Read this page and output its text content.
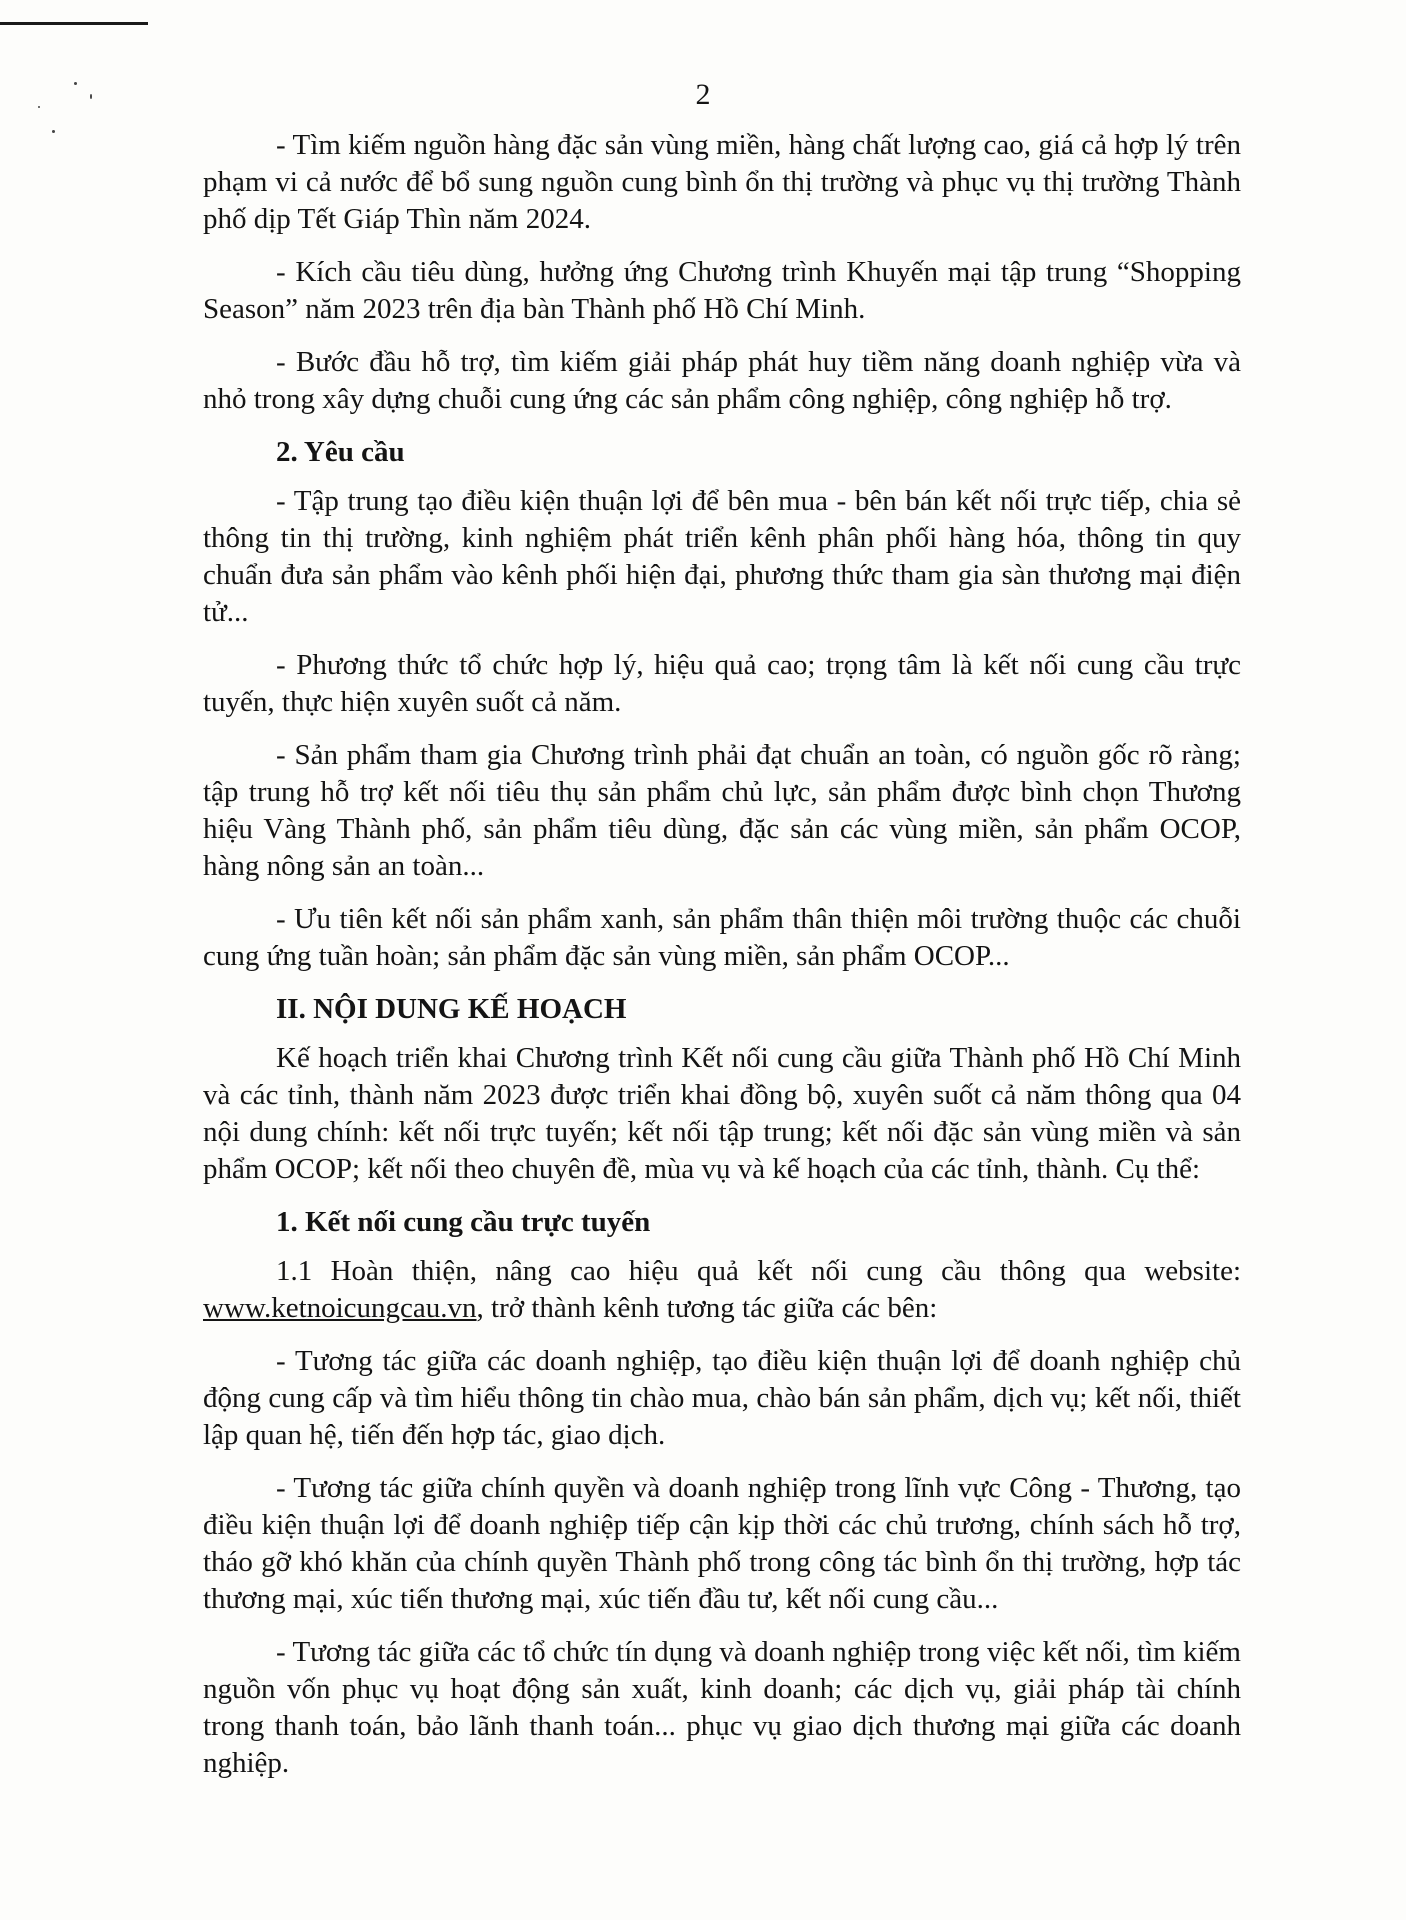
2

- Tìm kiếm nguồn hàng đặc sản vùng miền, hàng chất lượng cao, giá cả hợp lý trên phạm vi cả nước để bổ sung nguồn cung bình ổn thị trường và phục vụ thị trường Thành phố dịp Tết Giáp Thìn năm 2024.

- Kích cầu tiêu dùng, hưởng ứng Chương trình Khuyến mại tập trung “Shopping Season” năm 2023 trên địa bàn Thành phố Hồ Chí Minh.

- Bước đầu hỗ trợ, tìm kiếm giải pháp phát huy tiềm năng doanh nghiệp vừa và nhỏ trong xây dựng chuỗi cung ứng các sản phẩm công nghiệp, công nghiệp hỗ trợ.

2. Yêu cầu

- Tập trung tạo điều kiện thuận lợi để bên mua - bên bán kết nối trực tiếp, chia sẻ thông tin thị trường, kinh nghiệm phát triển kênh phân phối hàng hóa, thông tin quy chuẩn đưa sản phẩm vào kênh phối hiện đại, phương thức tham gia sàn thương mại điện tử...

- Phương thức tổ chức hợp lý, hiệu quả cao; trọng tâm là kết nối cung cầu trực tuyến, thực hiện xuyên suốt cả năm.

- Sản phẩm tham gia Chương trình phải đạt chuẩn an toàn, có nguồn gốc rõ ràng; tập trung hỗ trợ kết nối tiêu thụ sản phẩm chủ lực, sản phẩm được bình chọn Thương hiệu Vàng Thành phố, sản phẩm tiêu dùng, đặc sản các vùng miền, sản phẩm OCOP, hàng nông sản an toàn...

- Ưu tiên kết nối sản phẩm xanh, sản phẩm thân thiện môi trường thuộc các chuỗi cung ứng tuần hoàn; sản phẩm đặc sản vùng miền, sản phẩm OCOP...

II. NỘI DUNG KẾ HOẠCH

Kế hoạch triển khai Chương trình Kết nối cung cầu giữa Thành phố Hồ Chí Minh và các tỉnh, thành năm 2023 được triển khai đồng bộ, xuyên suốt cả năm thông qua 04 nội dung chính: kết nối trực tuyến; kết nối tập trung; kết nối đặc sản vùng miền và sản phẩm OCOP; kết nối theo chuyên đề, mùa vụ và kế hoạch của các tỉnh, thành. Cụ thể:

1. Kết nối cung cầu trực tuyến

1.1 Hoàn thiện, nâng cao hiệu quả kết nối cung cầu thông qua website: www.ketnoicungcau.vn, trở thành kênh tương tác giữa các bên:

- Tương tác giữa các doanh nghiệp, tạo điều kiện thuận lợi để doanh nghiệp chủ động cung cấp và tìm hiểu thông tin chào mua, chào bán sản phẩm, dịch vụ; kết nối, thiết lập quan hệ, tiến đến hợp tác, giao dịch.

- Tương tác giữa chính quyền và doanh nghiệp trong lĩnh vực Công - Thương, tạo điều kiện thuận lợi để doanh nghiệp tiếp cận kịp thời các chủ trương, chính sách hỗ trợ, tháo gỡ khó khăn của chính quyền Thành phố trong công tác bình ổn thị trường, hợp tác thương mại, xúc tiến thương mại, xúc tiến đầu tư, kết nối cung cầu...

- Tương tác giữa các tổ chức tín dụng và doanh nghiệp trong việc kết nối, tìm kiếm nguồn vốn phục vụ hoạt động sản xuất, kinh doanh; các dịch vụ, giải pháp tài chính trong thanh toán, bảo lãnh thanh toán... phục vụ giao dịch thương mại giữa các doanh nghiệp.
